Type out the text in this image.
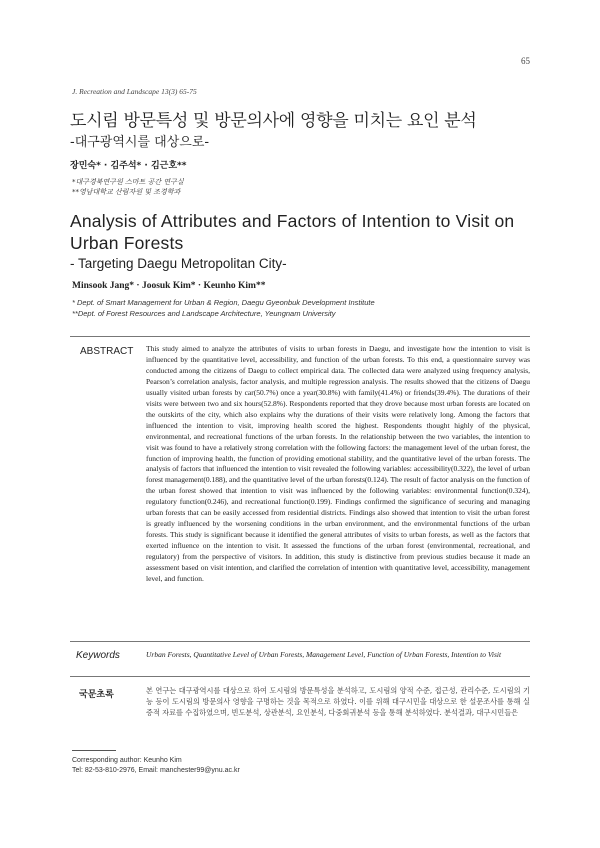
65
J. Recreation and Landscape 13(3) 65-75
도시림 방문특성 및 방문의사에 영향을 미치는 요인 분석
-대구광역시를 대상으로-
장민숙* · 김주석* · 김근호**
*대구경북연구원 스마트 공간 연구실
**영남대학교 산림자원 및 조경학과
Analysis of Attributes and Factors of Intention to Visit on Urban Forests
- Targeting Daegu Metropolitan City-
Minsook Jang* · Joosuk Kim* · Keunho Kim**
* Dept. of Smart Management for Urban & Region, Daegu Gyeonbuk Development Institute
**Dept. of Forest Resources and Landscape Architecture, Yeungnam University
ABSTRACT This study aimed to analyze the attributes of visits to urban forests in Daegu, and investigate how the intention to visit is influenced by the quantitative level, accessibility, and function of the urban forests. To this end, a questionnaire survey was conducted among the citizens of Daegu to collect empirical data. The collected data were analyzed using frequency analysis, Pearson’s correlation analysis, factor analysis, and multiple regression analysis. The results showed that the citizens of Daegu usually visited urban forests by car(50.7%) once a year(30.8%) with family(41.4%) or friends(39.4%). The durations of their visits were between two and six hours(52.8%). Respondents reported that they drove because most urban forests are located on the outskirts of the city, which also explains why the durations of their visits were relatively long. Among the factors that influenced the intention to visit, improving health scored the highest. Respondents thought highly of the physical, environmental, and recreational functions of the urban forests. In the relationship between the two variables, the intention to visit was found to have a relatively strong correlation with the following factors: the management level of the urban forest, the function of improving health, the function of providing emotional stability, and the quantitative level of the urban forests. The analysis of factors that influenced the intention to visit revealed the following variables: accessibility(0.322), the level of urban forest management(0.188), and the quantitative level of the urban forests(0.124). The result of factor analysis on the function of the urban forest showed that intention to visit was influenced by the following variables: environmental function(0.324), regulatory function(0.246), and recreational function(0.199). Findings confirmed the significance of securing and managing urban forests that can be easily accessed from residential districts. Findings also showed that intention to visit the urban forest is greatly influenced by the worsening conditions in the urban environment, and the environmental functions of the urban forests. This study is significant because it identified the general attributes of visits to urban forests, as well as the factors that exerted influence on the intention to visit. It assessed the functions of the urban forest (environmental, recreational, and regulatory) from the perspective of visitors. In addition, this study is distinctive from previous studies because it made an assessment based on visit intention, and clarified the correlation of intention with quantitative level, accessibility, management level, and function.
Keywords	Urban Forests, Quantitative Level of Urban Forests, Management Level, Function of Urban Forests, Intention to Visit
국문초록	본 연구는 대구광역시를 대상으로 하여 도시림의 방문특성을 분석하고, 도시림의 양적 수준, 접근성, 관리수준, 도시림의 기능 등이 도시림의 방문의사 영향을 구명하는 것을 목적으로 하였다. 이를 위해 대구시민을 대상으로 한 설문조사를 통해 실증적 자료를 수집하였으며, 빈도분석, 상관분석, 요인분석, 다중회귀분석 등을 통해 분석하였다. 분석결과, 대구시민들은
Corresponding author: Keunho Kim
Tel: 82-53-810-2976, Email: manchester99@ynu.ac.kr
